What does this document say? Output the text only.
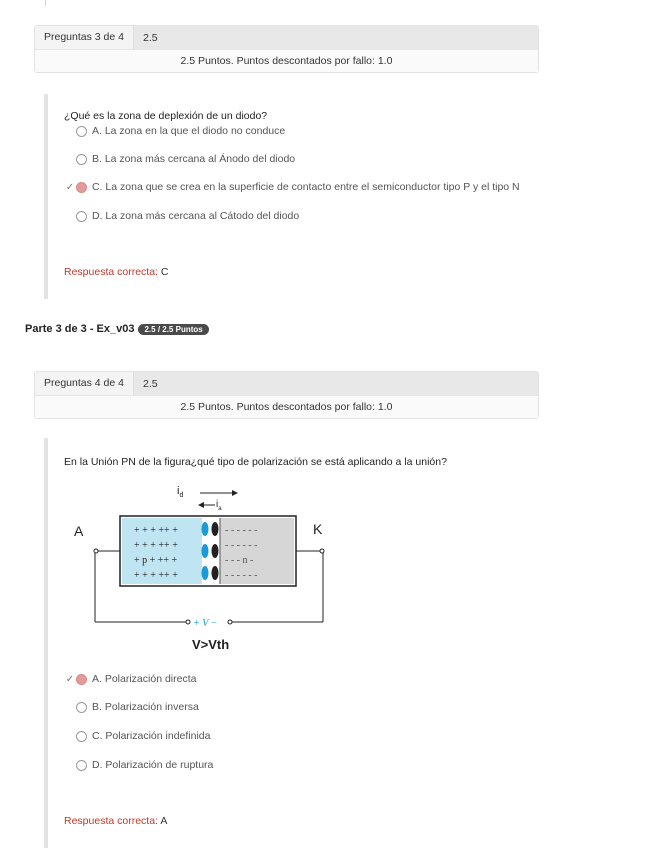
Preguntas 3 de 4	2.5
2.5 Puntos. Puntos descontados por fallo: 1.0
¿Qué es la zona de deplexión de un diodo?
A. La zona en la que el diodo no conduce
B. La zona más cercana al Ánodo del diodo
✓ C. La zona que se crea en la superficie de contacto entre el semiconductor tipo P y el tipo N
D. La zona más cercana al Cátodo del diodo
Respuesta correcta: C
Parte 3 de 3 - Ex_v03	2.5 / 2.5 Puntos
Preguntas 4 de 4	2.5
2.5 Puntos. Puntos descontados por fallo: 1.0
En la Unión PN de la figura¿qué tipo de polarización se está aplicando a la unión?
$i_d$
$i_a$
A	K
+ + + ++ +
+ + + ++ +
+ p + ++ +
+ + + ++ +
- - - - - -
- - - - - -
- - - n -
- - - - - -
+ V −
V>Vth
✓ A. Polarización directa
B. Polarización inversa
C. Polarización indefinida
D. Polarización de ruptura
Respuesta correcta: A
